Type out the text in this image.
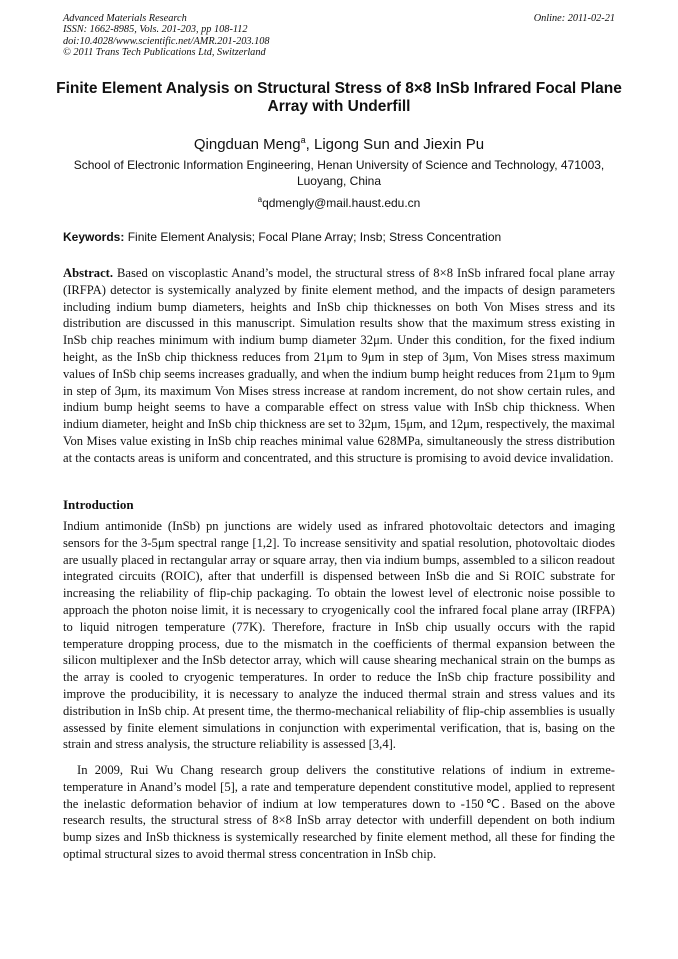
Advanced Materials Research	Online: 2011-02-21
ISSN: 1662-8985, Vols. 201-203, pp 108-112
doi:10.4028/www.scientific.net/AMR.201-203.108
© 2011 Trans Tech Publications Ltd, Switzerland
Finite Element Analysis on Structural Stress of 8×8 InSb Infrared Focal Plane Array with Underfill
Qingduan Meng$^a$, Ligong Sun and Jiexin Pu
School of Electronic Information Engineering, Henan University of Science and Technology, 471003, Luoyang, China
$^a$qdmengly@mail.haust.edu.cn
Keywords: Finite Element Analysis; Focal Plane Array; Insb; Stress Concentration
Abstract. Based on viscoplastic Anand’s model, the structural stress of 8×8 InSb infrared focal plane array (IRFPA) detector is systemically analyzed by finite element method, and the impacts of design parameters including indium bump diameters, heights and InSb chip thicknesses on both Von Mises stress and its distribution are discussed in this manuscript. Simulation results show that the maximum stress existing in InSb chip reaches minimum with indium bump diameter 32μm. Under this condition, for the fixed indium height, as the InSb chip thickness reduces from 21μm to 9μm in step of 3μm, Von Mises stress maximum values of InSb chip seems increases gradually, and when the indium bump height reduces from 21μm to 9μm in step of 3μm, its maximum Von Mises stress increase at random increment, do not show certain rules, and indium bump height seems to have a comparable effect on stress value with InSb chip thickness. When indium diameter, height and InSb chip thickness are set to 32μm, 15μm, and 12μm, respectively, the maximal Von Mises value existing in InSb chip reaches minimal value 628MPa, simultaneously the stress distribution at the contacts areas is uniform and concentrated, and this structure is promising to avoid device invalidation.
Introduction
Indium antimonide (InSb) pn junctions are widely used as infrared photovoltaic detectors and imaging sensors for the 3-5μm spectral range [1,2]. To increase sensitivity and spatial resolution, photovoltaic diodes are usually placed in rectangular array or square array, then via indium bumps, assembled to a silicon readout integrated circuits (ROIC), after that underfill is dispensed between InSb die and Si ROIC substrate for increasing the reliability of flip-chip packaging. To obtain the lowest level of electronic noise possible to approach the photon noise limit, it is necessary to cryogenically cool the infrared focal plane array (IRFPA) to liquid nitrogen temperature (77K). Therefore, fracture in InSb chip usually occurs with the rapid temperature dropping process, due to the mismatch in the coefficients of thermal expansion between the silicon multiplexer and the InSb detector array, which will cause shearing mechanical strain on the bumps as the array is cooled to cryogenic temperatures. In order to reduce the InSb chip fracture possibility and improve the producibility, it is necessary to analyze the induced thermal strain and stress values and its distribution in InSb chip. At present time, the thermo-mechanical reliability of flip-chip assemblies is usually assessed by finite element simulations in conjunction with experimental verification, that is, basing on the strain and stress analysis, the structure reliability is assessed [3,4].
In 2009, Rui Wu Chang research group delivers the constitutive relations of indium in extreme-temperature in Anand’s model [5], a rate and temperature dependent constitutive model, applied to represent the inelastic deformation behavior of indium at low temperatures down to -150℃. Based on the above research results, the structural stress of 8×8 InSb array detector with underfill dependent on both indium bump sizes and InSb thickness is systemically researched by finite element method, all these for finding the optimal structural sizes to avoid thermal stress concentration in InSb chip.
